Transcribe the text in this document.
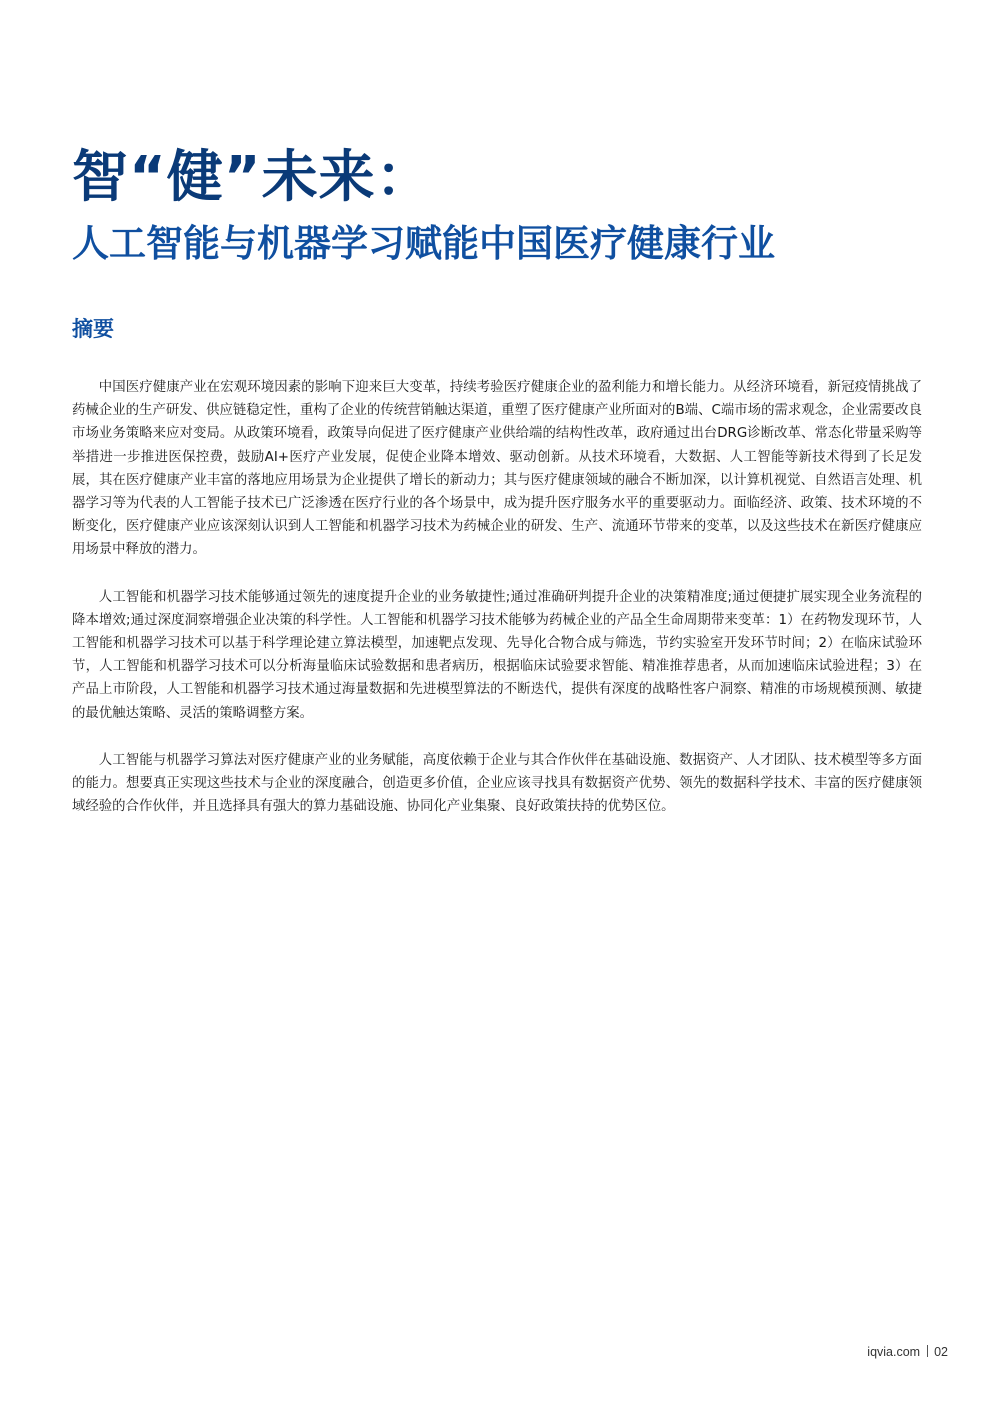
智“健”未来：
人工智能与机器学习赋能中国医疗健康行业
摘要

中国医疗健康产业在宏观环境因素的影响下迎来巨大变革，持续考验医疗健康企业的盈利能力和增长能力。从经济环境看，新冠疫情挑战了药械企业的生产研发、供应链稳定性，重构了企业的传统营销触达渠道，重塑了医疗健康产业所面对的B端、C端市场的需求观念，企业需要改良市场业务策略来应对变局。从政策环境看，政策导向促进了医疗健康产业供给端的结构性改革，政府通过出台DRG诊断改革、常态化带量采购等举措进一步推进医保控费，鼓励AI+医疗产业发展，促使企业降本增效、驱动创新。从技术环境看，大数据、人工智能等新技术得到了长足发展，其在医疗健康产业丰富的落地应用场景为企业提供了增长的新动力；其与医疗健康领域的融合不断加深，以计算机视觉、自然语言处理、机器学习等为代表的人工智能子技术已广泛渗透在医疗行业的各个场景中，成为提升医疗服务水平的重要驱动力。面临经济、政策、技术环境的不断变化，医疗健康产业应该深刻认识到人工智能和机器学习技术为药械企业的研发、生产、流通环节带来的变革，以及这些技术在新医疗健康应用场景中释放的潜力。

人工智能和机器学习技术能够通过领先的速度提升企业的业务敏捷性;通过准确研判提升企业的决策精准度;通过便捷扩展实现全业务流程的降本增效;通过深度洞察增强企业决策的科学性。人工智能和机器学习技术能够为药械企业的产品全生命周期带来变革：1）在药物发现环节，人工智能和机器学习技术可以基于科学理论建立算法模型，加速靶点发现、先导化合物合成与筛选，节约实验室开发环节时间；2）在临床试验环节，人工智能和机器学习技术可以分析海量临床试验数据和患者病历，根据临床试验要求智能、精准推荐患者，从而加速临床试验进程；3）在产品上市阶段，人工智能和机器学习技术通过海量数据和先进模型算法的不断迭代，提供有深度的战略性客户洞察、精准的市场规模预测、敏捷的最优触达策略、灵活的策略调整方案。

人工智能与机器学习算法对医疗健康产业的业务赋能，高度依赖于企业与其合作伙伴在基础设施、数据资产、人才团队、技术模型等多方面的能力。想要真正实现这些技术与企业的深度融合，创造更多价值，企业应该寻找具有数据资产优势、领先的数据科学技术、丰富的医疗健康领域经验的合作伙伴，并且选择具有强大的算力基础设施、协同化产业集聚、良好政策扶持的优势区位。

iqvia.com 02
